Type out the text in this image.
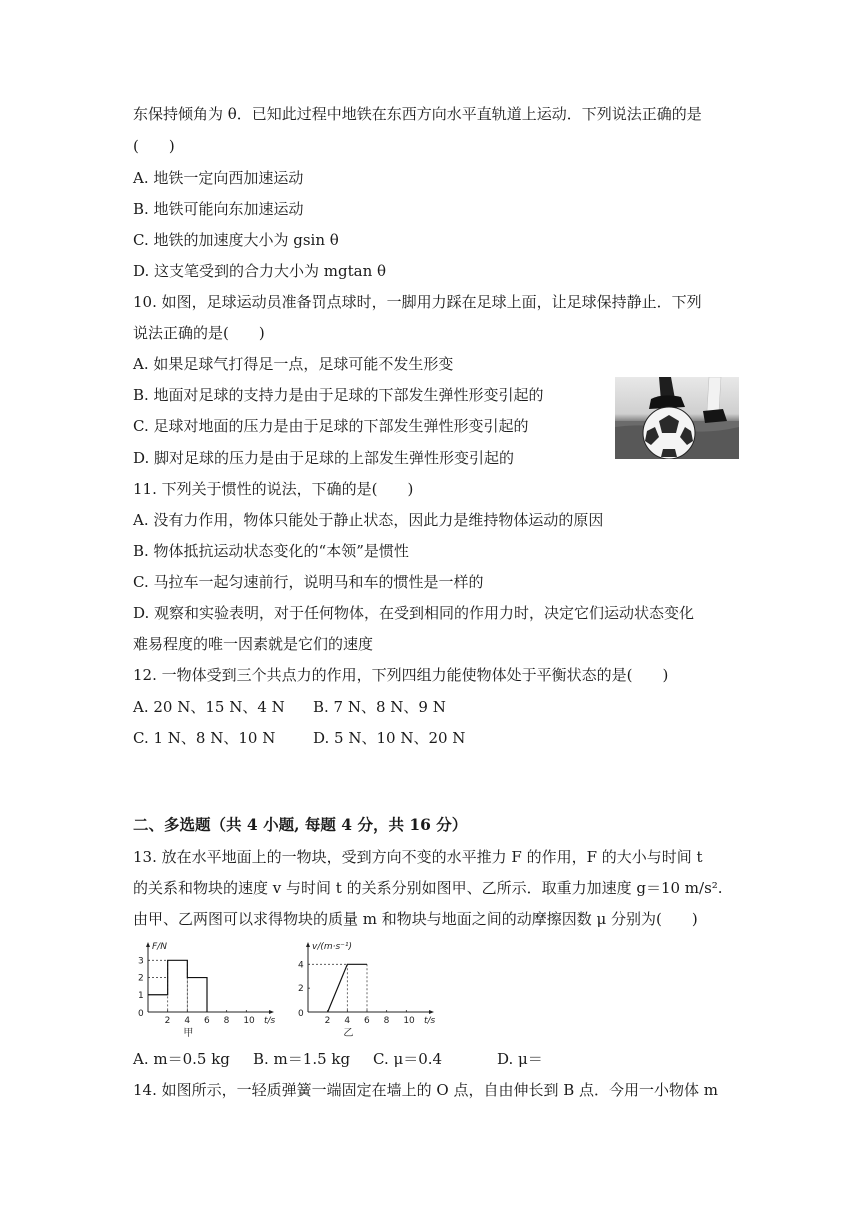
东保持倾角为 θ．已知此过程中地铁在东西方向水平直轨道上运动．下列说法正确的是
(　　)
A. 地铁一定向西加速运动
B. 地铁可能向东加速运动
C. 地铁的加速度大小为 gsin θ
D. 这支笔受到的合力大小为 mgtan θ
10. 如图，足球运动员准备罚点球时，一脚用力踩在足球上面，让足球保持静止．下列
说法正确的是(　　)
A. 如果足球气打得足一点，足球可能不发生形变
B. 地面对足球的支持力是由于足球的下部发生弹性形变引起的
C. 足球对地面的压力是由于足球的下部发生弹性形变引起的
D. 脚对足球的压力是由于足球的上部发生弹性形变引起的
11. 下列关于惯性的说法，下确的是(　　)
A. 没有力作用，物体只能处于静止状态，因此力是维持物体运动的原因
B. 物体抵抗运动状态变化的“本领”是惯性
C. 马拉车一起匀速前行，说明马和车的惯性是一样的
D. 观察和实验表明，对于任何物体，在受到相同的作用力时，决定它们运动状态变化
难易程度的唯一因素就是它们的速度
12. 一物体受到三个共点力的作用，下列四组力能使物体处于平衡状态的是(　　)
A. 20 N、15 N、4 N B. 7 N、8 N、9 N
C. 1 N、8 N、10 N	D. 5 N、10 N、20 N
二、多选题（共 4 小题, 每题 4 分，共 16 分）
13. 放在水平地面上的一物块，受到方向不变的水平推力 F 的作用，F 的大小与时间 t
的关系和物块的速度 v 与时间 t 的关系分别如图甲、乙所示．取重力加速度 g＝10 m/s².
由甲、乙两图可以求得物块的质量 m 和物块与地面之间的动摩擦因数 μ 分别为(　　)
F/N
t/s
0
2 4 6 8 10
1
2
3
甲
v/(m·s⁻¹)
t/s
0
2 4 6 8 10
2
4
乙
A. m＝0.5 kg B. m＝1.5 kg C. μ＝0.4	D. μ＝
14. 如图所示，一轻质弹簧一端固定在墙上的 O 点，自由伸长到 B 点．今用一小物体 m
